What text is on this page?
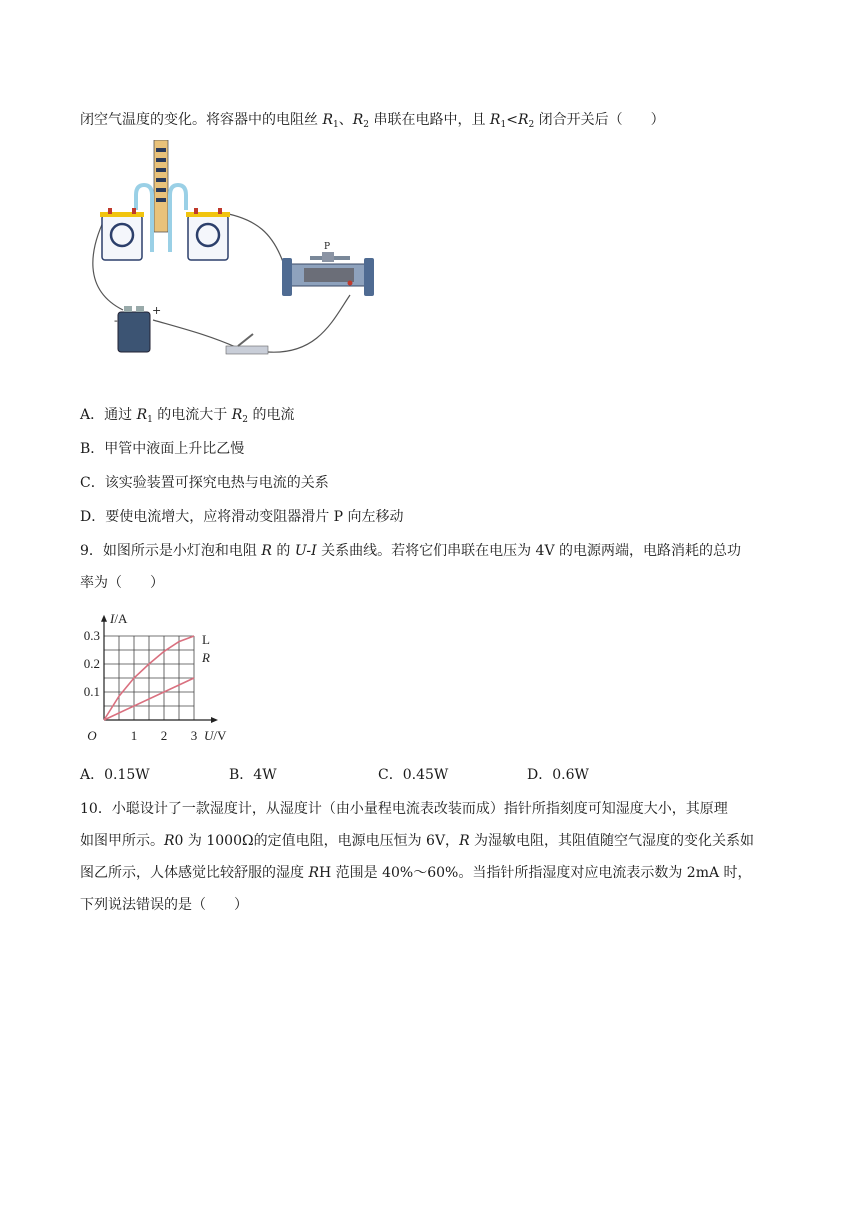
闭空气温度的变化。将容器中的电阻丝 $R_1$、$R_2$ 串联在电路中，且 $R_1<R_2$ 闭合开关后（　　）
P
-
+
A．通过 $R_1$ 的电流大于 $R_2$ 的电流
B．甲管中液面上升比乙慢
C．该实验装置可探究电热与电流的关系
D．要使电流增大，应将滑动变阻器滑片 P 向左移动
9．如图所示是小灯泡和电阻 R 的 U-I 关系曲线。若将它们串联在电压为 4V 的电源两端，电路消耗的总功
率为（　　）
1 2 3
0.1
0.2
0.3
O	U/V
I/A
L
R
A．0.15W	B．4W	C．0.45W	D．0.6W
10．小聪设计了一款湿度计，从湿度计（由小量程电流表改装而成）指针所指刻度可知湿度大小，其原理
如图甲所示。R0 为 1000Ω的定值电阻，电源电压恒为 6V，R 为湿敏电阻，其阻值随空气湿度的变化关系如
图乙所示，人体感觉比较舒服的湿度 RH 范围是 40%～60%。当指针所指湿度对应电流表示数为 2mA 时，
下列说法错误的是（　　）
